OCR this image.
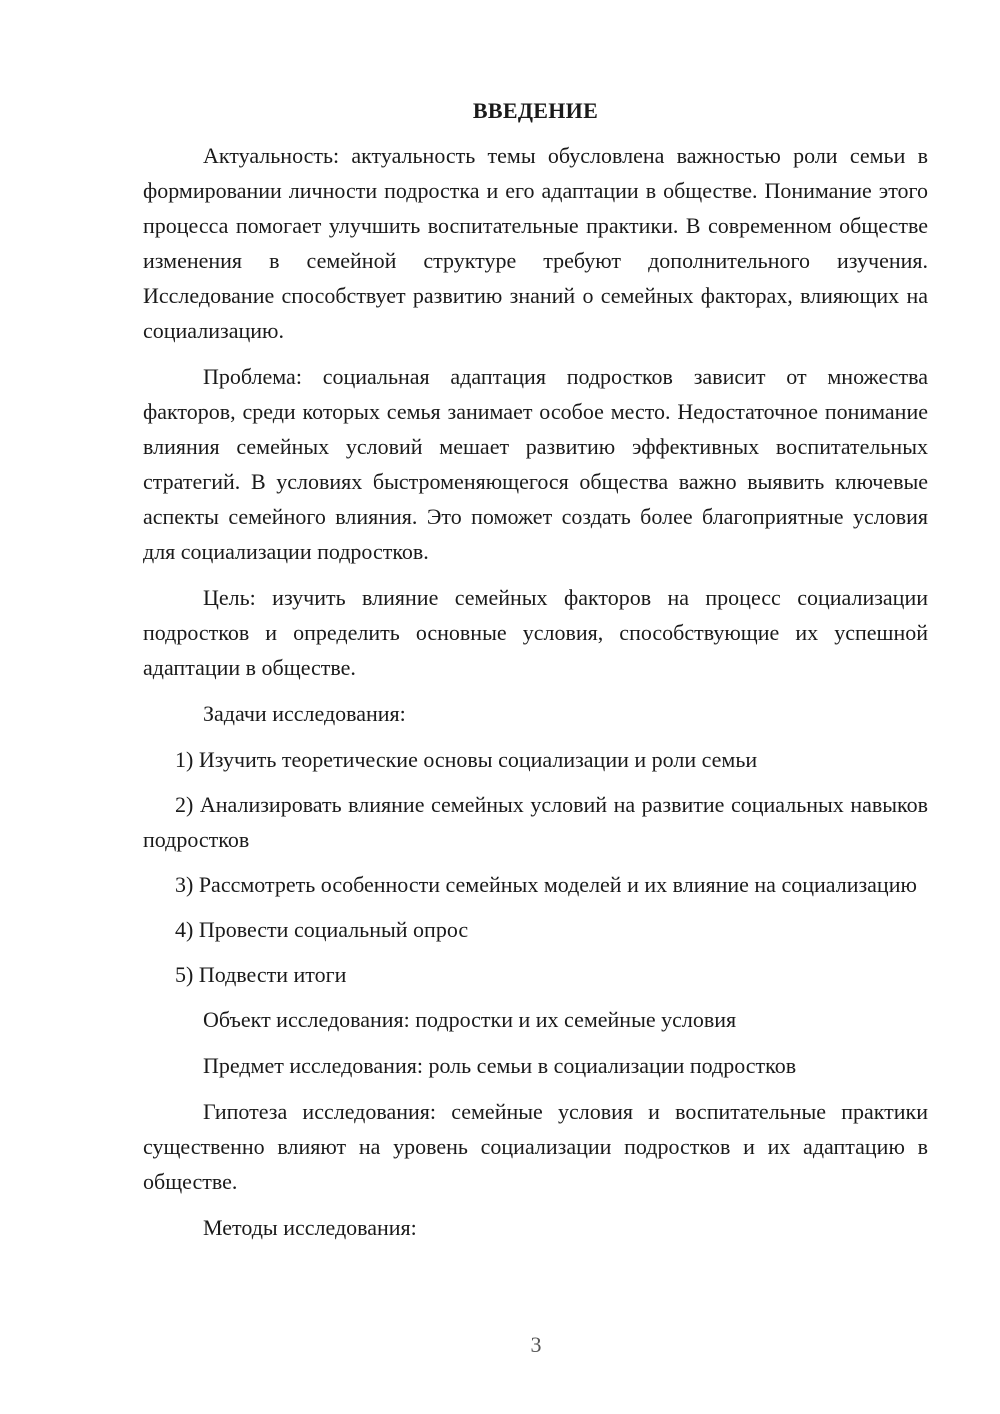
ВВЕДЕНИЕ

Актуальность: актуальность темы обусловлена важностью роли семьи в формировании личности подростка и его адаптации в обществе. Понимание этого процесса помогает улучшить воспитательные практики. В современном обществе изменения в семейной структуре требуют дополнительного изучения. Исследование способствует развитию знаний о семейных факторах, влияющих на социализацию.

Проблема: социальная адаптация подростков зависит от множества факторов, среди которых семья занимает особое место. Недостаточное понимание влияния семейных условий мешает развитию эффективных воспитательных стратегий. В условиях быстроменяющегося общества важно выявить ключевые аспекты семейного влияния. Это поможет создать более благоприятные условия для социализации подростков.

Цель: изучить влияние семейных факторов на процесс социализации подростков и определить основные условия, способствующие их успешной адаптации в обществе.

Задачи исследования:

1) Изучить теоретические основы социализации и роли семьи

2) Анализировать влияние семейных условий на развитие социальных навыков подростков

3) Рассмотреть особенности семейных моделей и их влияние на социализацию

4) Провести социальный опрос

5) Подвести итоги

Объект исследования: подростки и их семейные условия

Предмет исследования: роль семьи в социализации подростков

Гипотеза исследования: семейные условия и воспитательные практики существенно влияют на уровень социализации подростков и их адаптацию в обществе.

Методы исследования:

3
